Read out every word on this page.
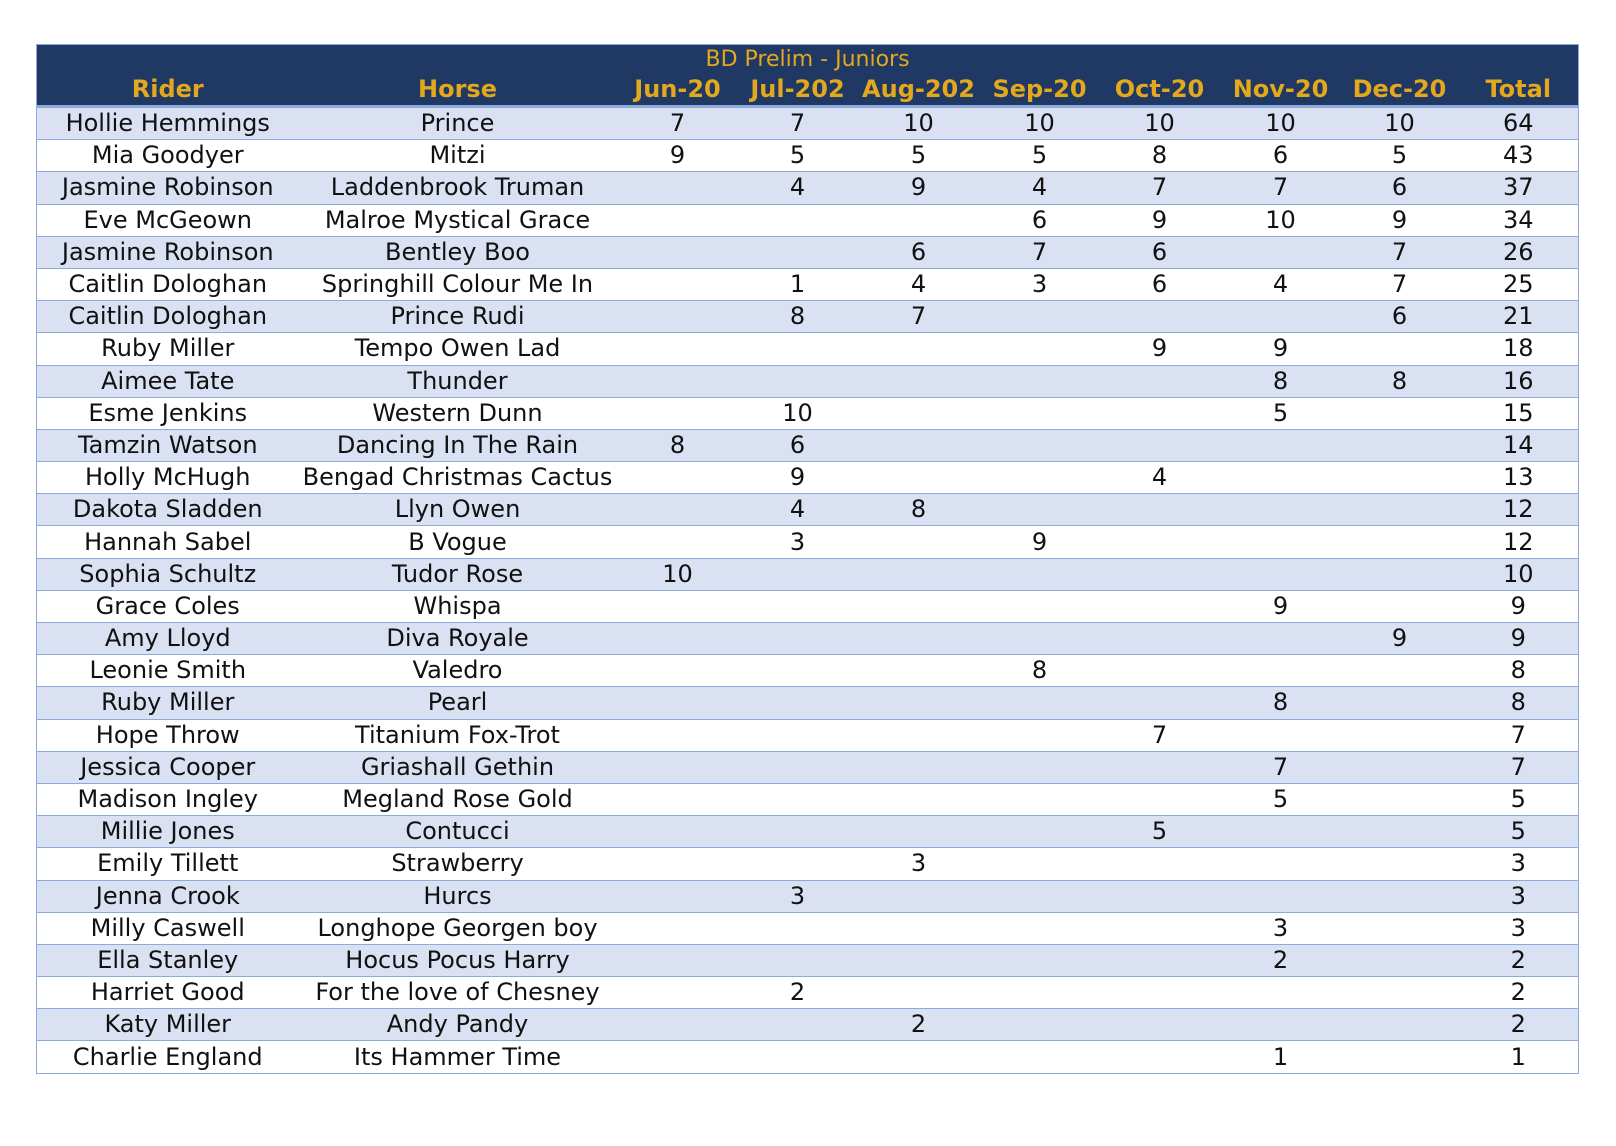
BD Prelim - Juniors									
Rider	Horse	Jun-20	Jul-202	Aug-202	Sep-20	Oct-20	Nov-20	Dec-20	Total
Hollie Hemmings	Prince	7	7	10	10	10	10	10	64
Mia Goodyer	Mitzi	9	5	5	5	8	6	5	43
Jasmine Robinson	Laddenbrook Truman		4	9	4	7	7	6	37
Eve McGeown	Malroe Mystical Grace				6	9	10	9	34
Jasmine Robinson	Bentley Boo			6	7	6		7	26
Caitlin Dologhan	Springhill Colour Me In		1	4	3	6	4	7	25
Caitlin Dologhan	Prince Rudi		8	7				6	21
Ruby Miller	Tempo Owen Lad					9	9		18
Aimee Tate	Thunder						8	8	16
Esme Jenkins	Western Dunn		10				5		15
Tamzin Watson	Dancing In The Rain	8	6						14
Holly McHugh	Bengad Christmas Cactus		9			4			13
Dakota Sladden	Llyn Owen		4	8					12
Hannah Sabel	B Vogue		3		9				12
Sophia Schultz	Tudor Rose	10							10
Grace Coles	Whispa						9		9
Amy Lloyd	Diva Royale							9	9
Leonie Smith	Valedro				8				8
Ruby Miller	Pearl						8		8
Hope Throw	Titanium Fox-Trot					7			7
Jessica Cooper	Griashall Gethin						7		7
Madison Ingley	Megland Rose Gold						5		5
Millie Jones	Contucci					5			5
Emily Tillett	Strawberry			3					3
Jenna Crook	Hurcs		3						3
Milly Caswell	Longhope Georgen boy						3		3
Ella Stanley	Hocus Pocus Harry						2		2
Harriet Good	For the love of Chesney		2						2
Katy Miller	Andy Pandy			2					2
Charlie England	Its Hammer Time						1		1
